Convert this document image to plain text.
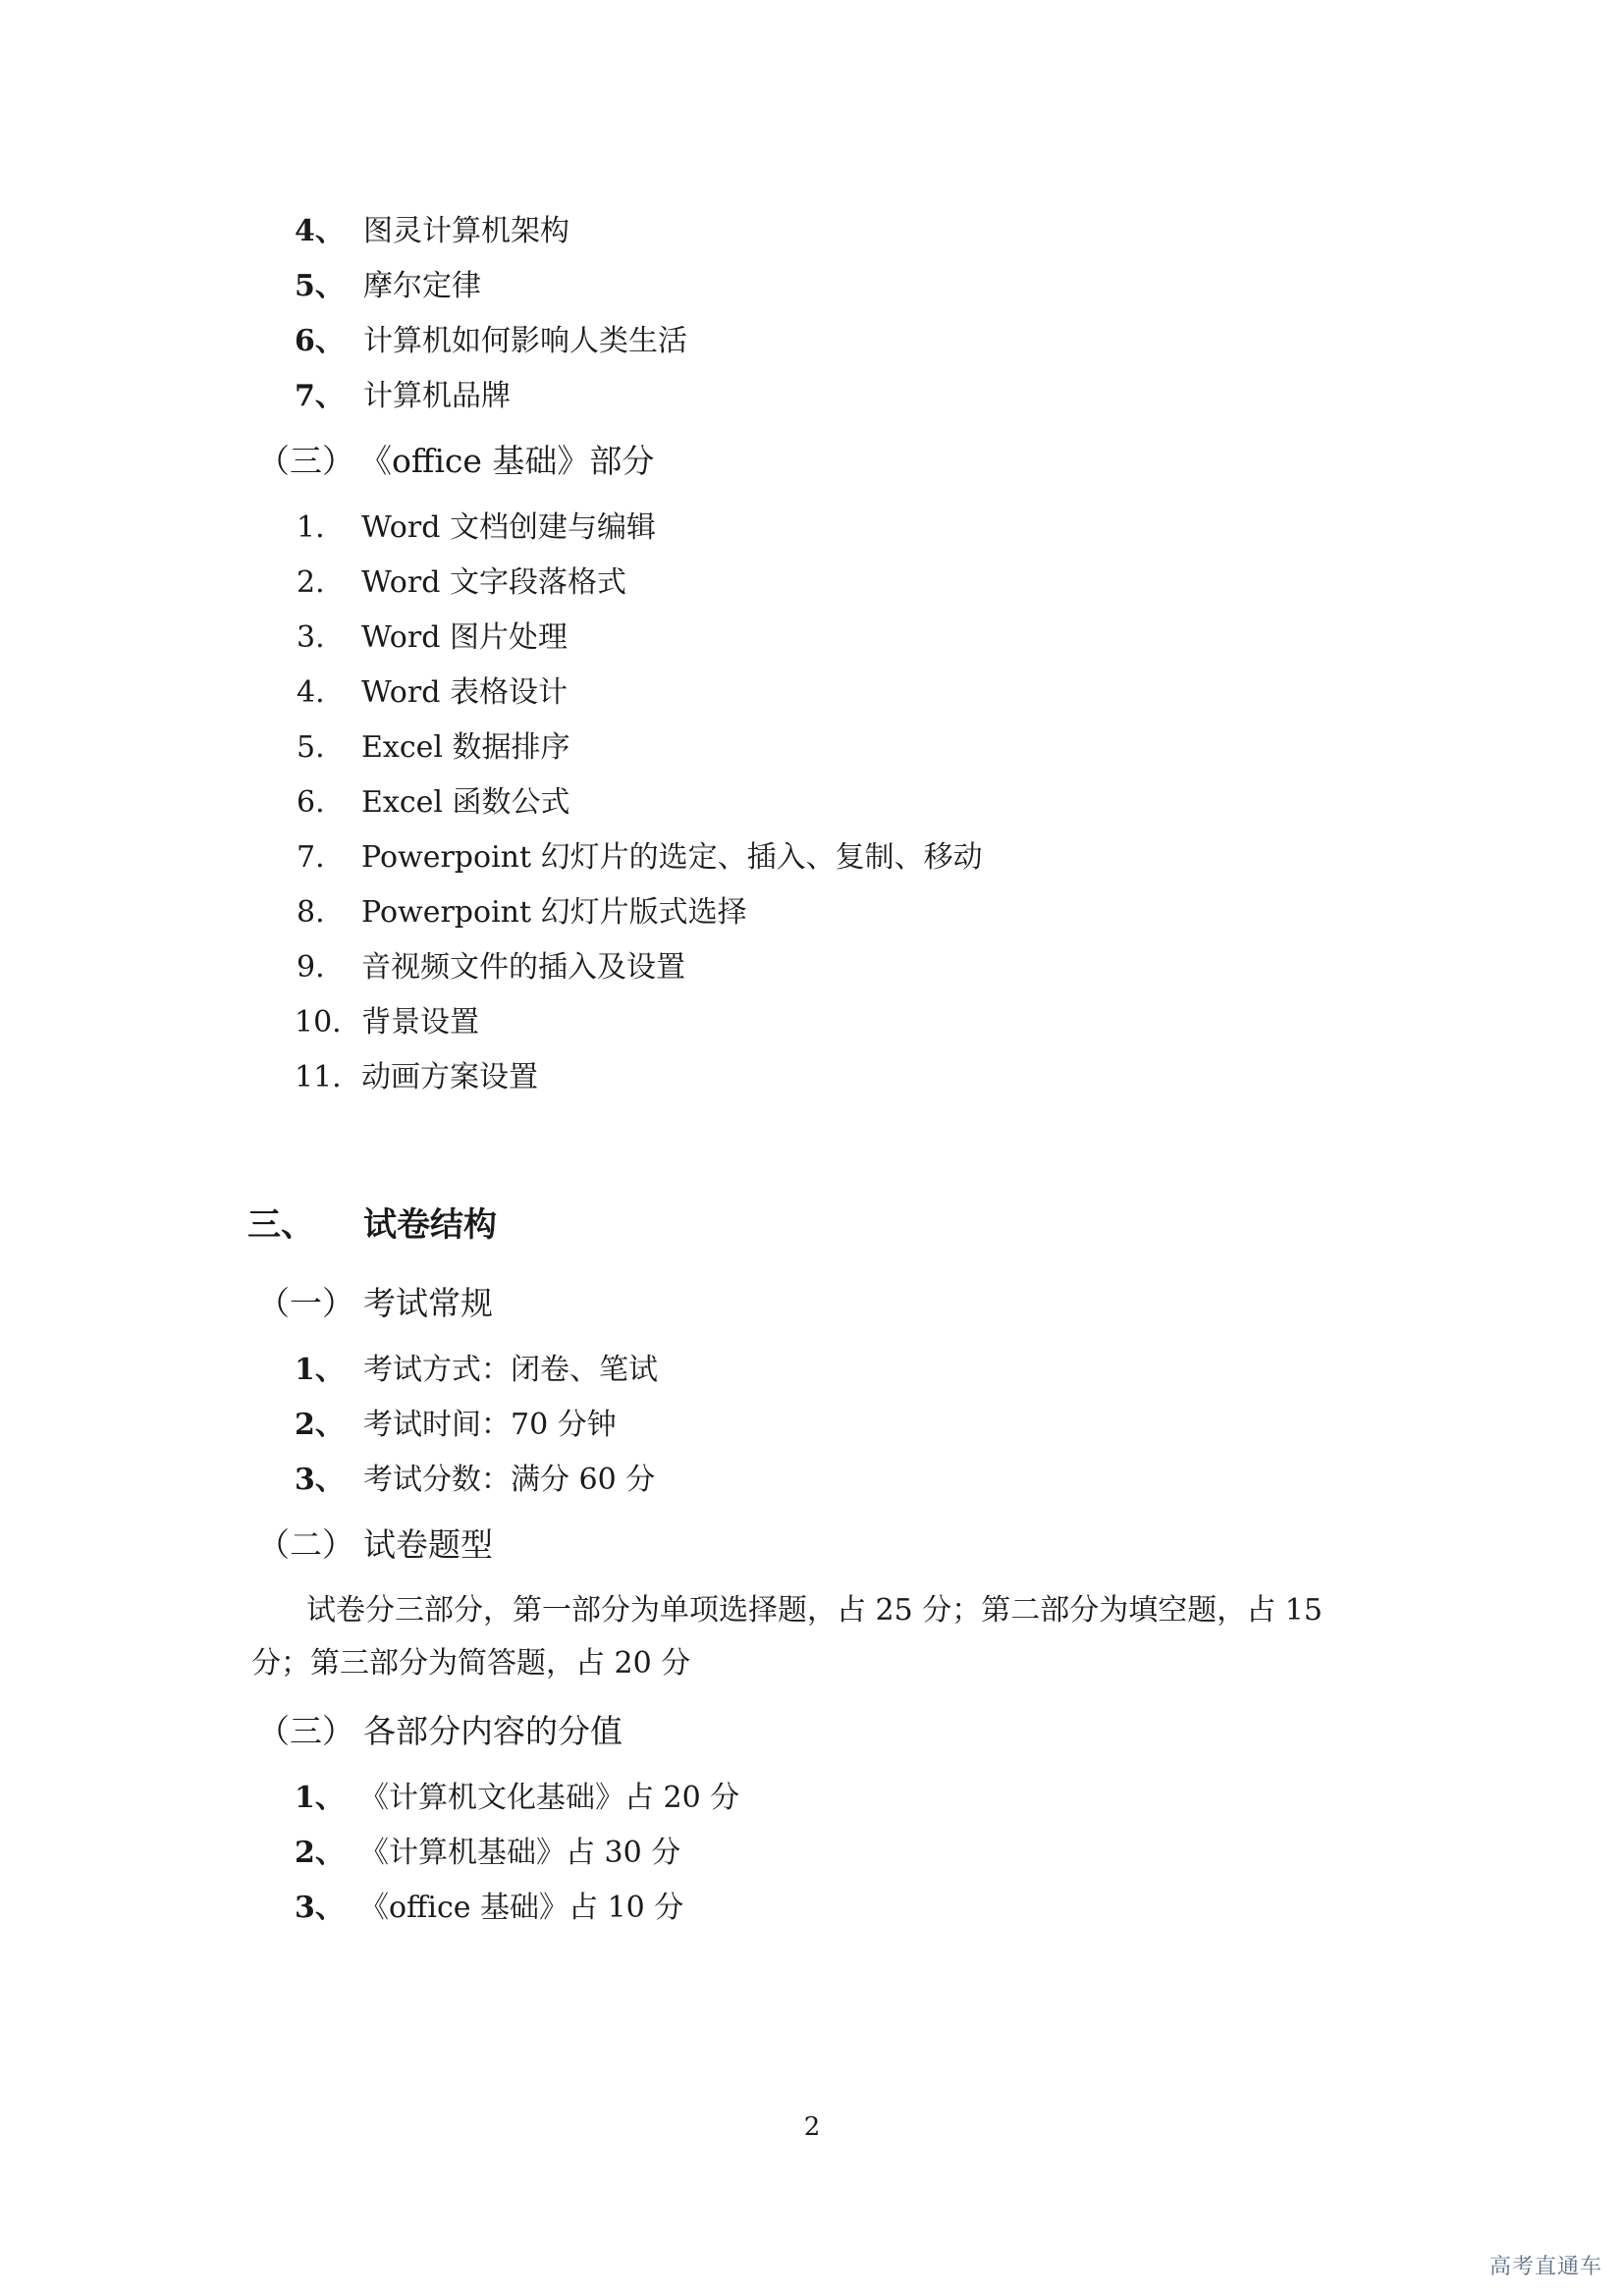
4、 图灵计算机架构
5、 摩尔定律
6、 计算机如何影响人类生活
7、 计算机品牌
（三） 《office 基础》部分
1. Word 文档创建与编辑
2. Word 文字段落格式
3. Word 图片处理
4. Word 表格设计
5. Excel 数据排序
6. Excel 函数公式
7. Powerpoint 幻灯片的选定、插入、复制、移动
8. Powerpoint 幻灯片版式选择
9. 音视频文件的插入及设置
10. 背景设置
11. 动画方案设置
三、 试卷结构
（一） 考试常规
1、 考试方式：闭卷、笔试
2、 考试时间：70 分钟
3、 考试分数：满分 60 分
（二） 试卷题型
试卷分三部分，第一部分为单项选择题，占 25 分；第二部分为填空题，占 15 分；第三部分为简答题，占 20 分
（三） 各部分内容的分值
1、 《计算机文化基础》占 20 分
2、 《计算机基础》占 30 分
3、 《office 基础》占 10 分
2
高考直通车
